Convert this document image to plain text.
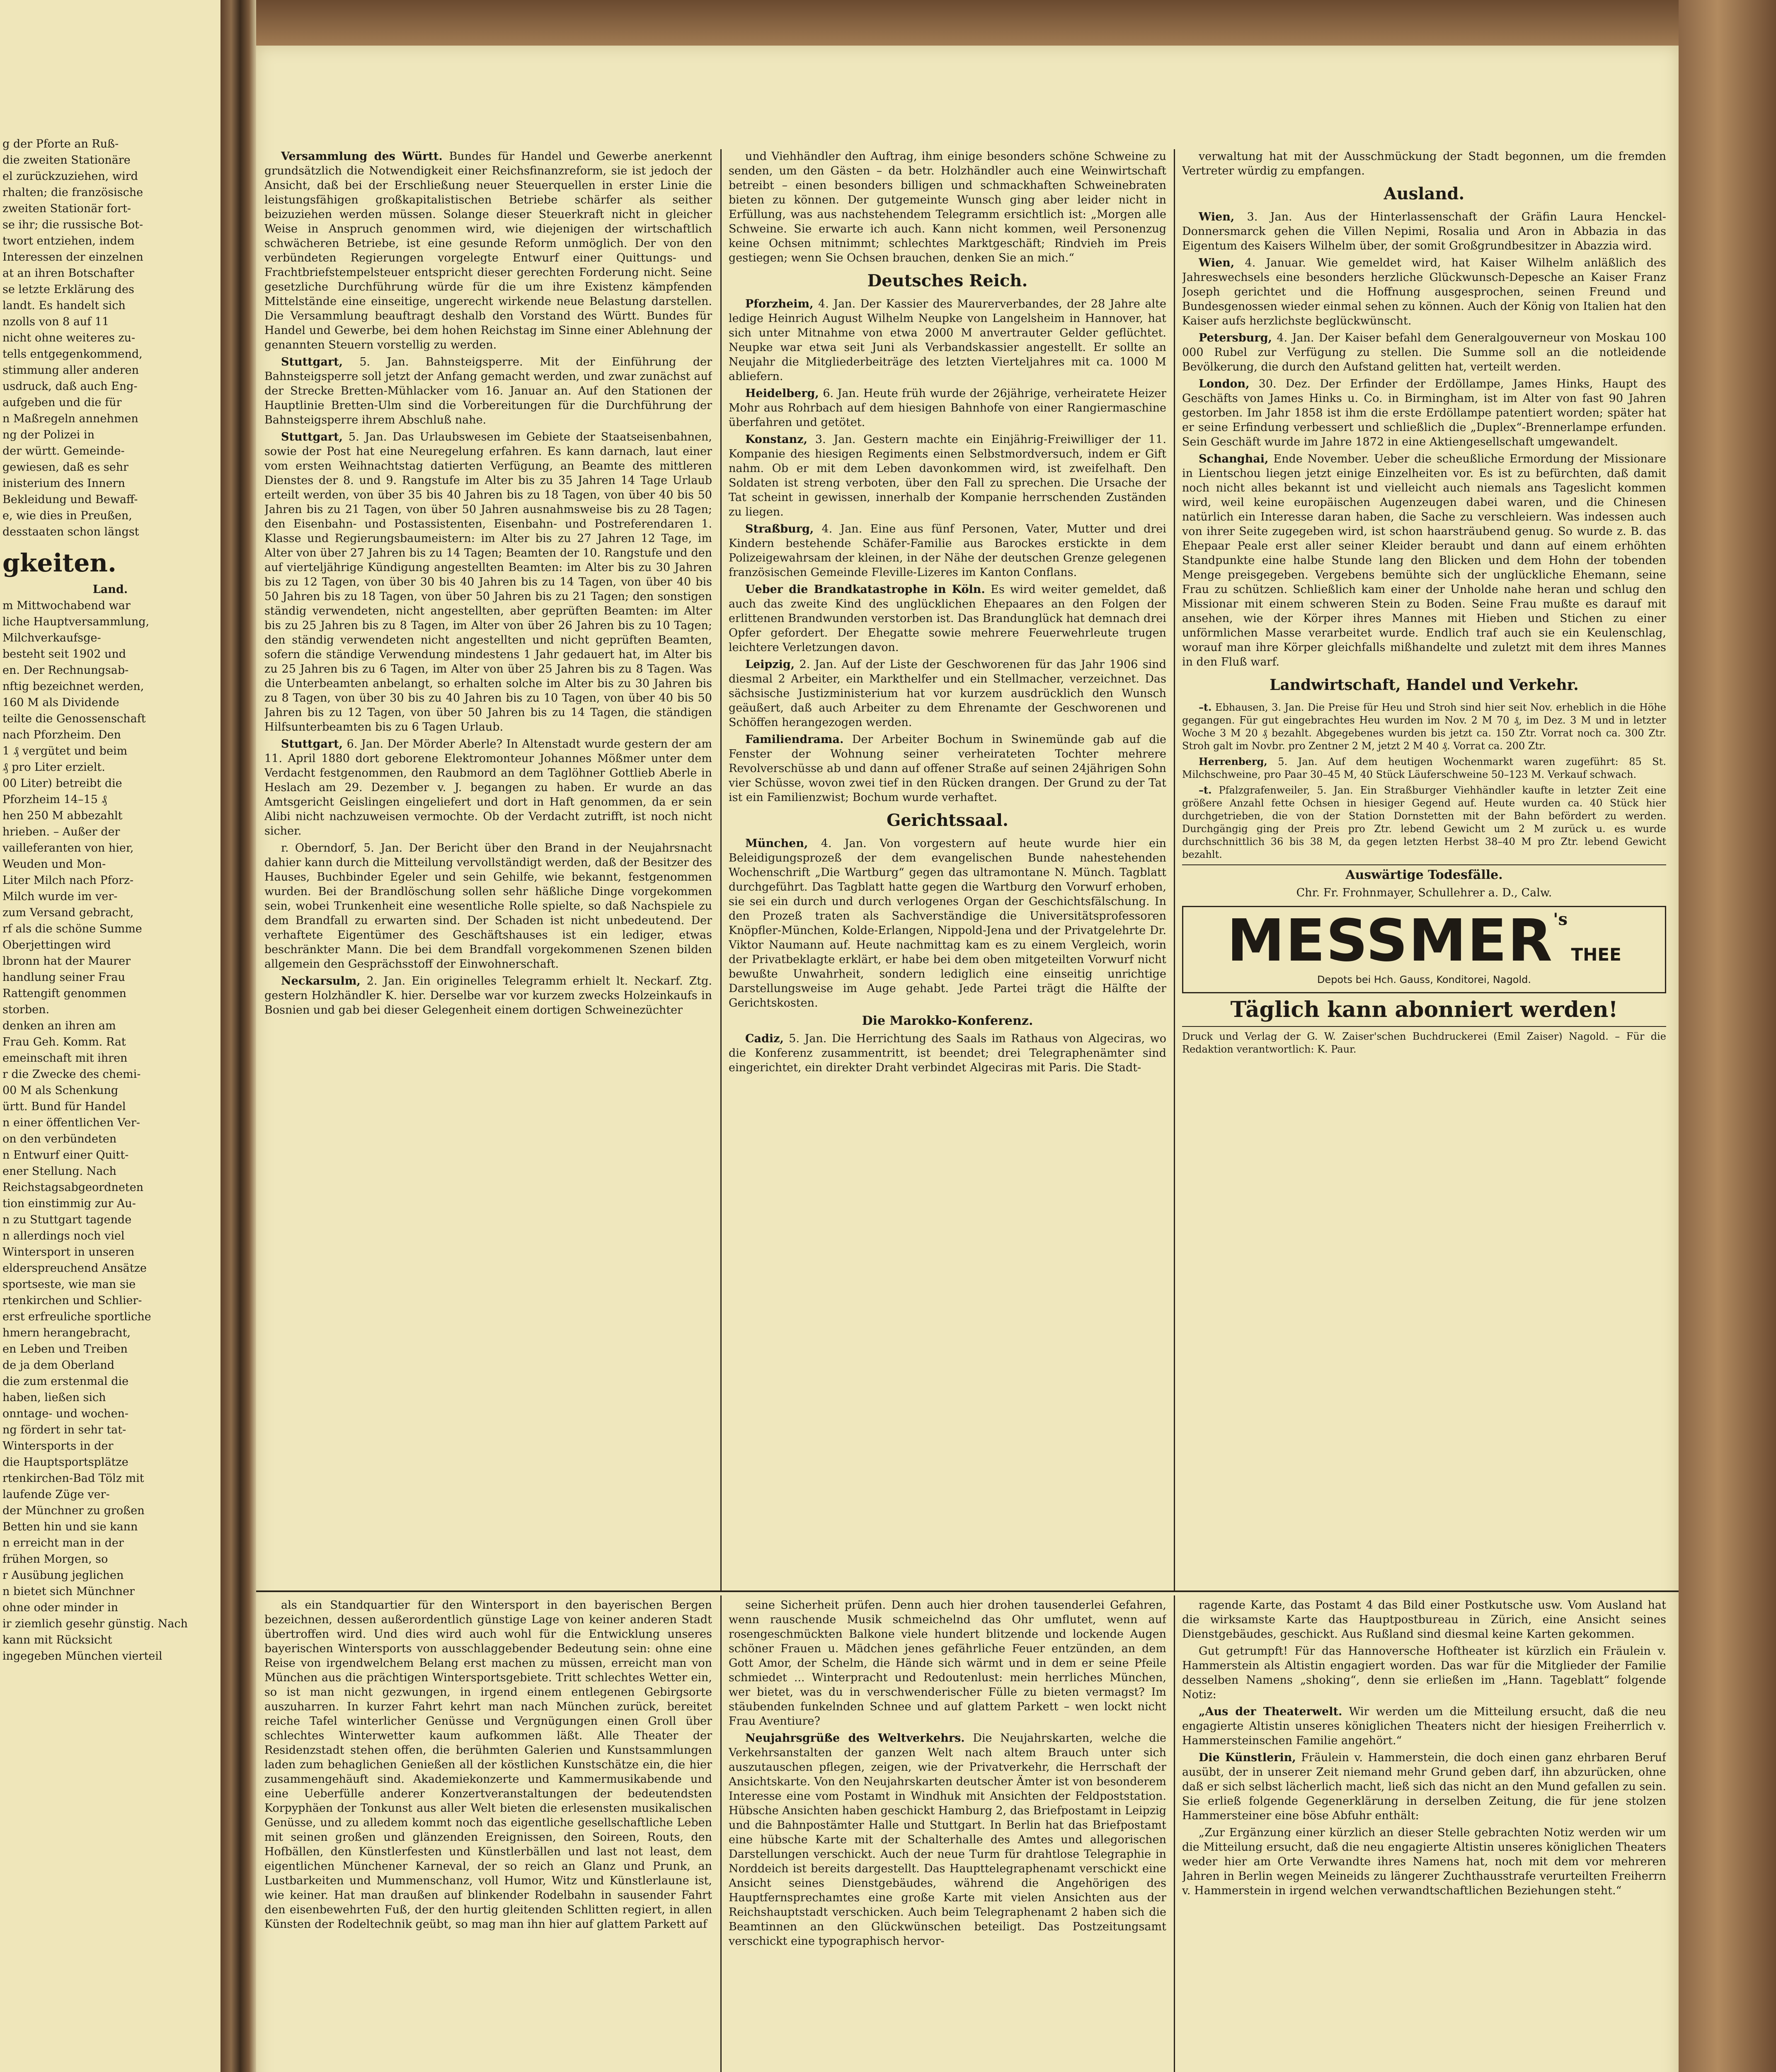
g der Pforte an Ruß-

die zweiten Stationäre

el zurückzuziehen, wird

rhalten; die französische

zweiten Stationär fort-

se ihr; die russische Bot-

twort entziehen, indem

Interessen der einzelnen

at an ihren Botschafter

se letzte Erklärung des

landt. Es handelt sich

nzolls von 8 auf 11

nicht ohne weiteres zu-

tells entgegenkommend,

stimmung aller anderen

usdruck, daß auch Eng-

aufgeben und die für

n Maßregeln annehmen

ng der Polizei in

der württ. Gemeinde-

gewiesen, daß es sehr

inisterium des Innern

Bekleidung und Bewaff-

e, wie dies in Preußen,

desstaaten schon längst

gkeiten.

Land.

m Mittwochabend war

liche Hauptversammlung,

Milchverkaufsge-

besteht seit 1902 und

en. Der Rechnungsab-

nftig bezeichnet werden,

160 M als Dividende

teilte die Genossenschaft

nach Pforzheim. Den

1 ₰ vergütet und beim

₰ pro Liter erzielt.

00 Liter) betreibt die

Pforzheim 14–15 ₰

hen 250 M abbezahlt

hrieben. – Außer der

vailleferanten von hier,

Weuden und Mon-

Liter Milch nach Pforz-

Milch wurde im ver-

zum Versand gebracht,

rf als die schöne Summe

Oberjettingen wird

lbronn hat der Maurer

handlung seiner Frau

Rattengift genommen

storben.

denken an ihren am

Frau Geh. Komm. Rat

emeinschaft mit ihren

r die Zwecke des chemi-

00 M als Schenkung

ürtt. Bund für Handel

n einer öffentlichen Ver-

on den verbündeten

n Entwurf einer Quitt-

ener Stellung. Nach

Reichstagsabgeordneten

tion einstimmig zur Au-

n zu Stuttgart tagende

n allerdings noch viel

Wintersport in unseren

elderspreuchend Ansätze

sportseste, wie man sie

rtenkirchen und Schlier-

erst erfreuliche sportliche

hmern herangebracht,

en Leben und Treiben

de ja dem Oberland

die zum erstenmal die

haben, ließen sich

onntage- und wochen-

ng fördert in sehr tat-

Wintersports in der

die Hauptsportsplätze

rtenkirchen-Bad Tölz mit

laufende Züge ver-

der Münchner zu großen

Betten hin und sie kann

n erreicht man in der

frühen Morgen, so

r Ausübung jeglichen

n bietet sich Münchner

ohne oder minder in

ir ziemlich gesehr günstig. Nach

kann mit Rücksicht

ingegeben München vierteil

Versammlung des Württ. Bundes für Handel und Gewerbe anerkennt grundsätzlich die Notwendigkeit einer Reichsfinanzreform, sie ist jedoch der Ansicht, daß bei der Erschließung neuer Steuerquellen in erster Linie die leistungsfähigen großkapitalistischen Betriebe schärfer als seither beizuziehen werden müssen. Solange dieser Steuerkraft nicht in gleicher Weise in Anspruch genommen wird, wie diejenigen der wirtschaftlich schwächeren Betriebe, ist eine gesunde Reform unmöglich. Der von den verbündeten Regierungen vorgelegte Entwurf einer Quittungs- und Frachtbriefstempelsteuer entspricht dieser gerechten Forderung nicht. Seine gesetzliche Durchführung würde für die um ihre Existenz kämpfenden Mittelstände eine einseitige, ungerecht wirkende neue Belastung darstellen. Die Versammlung beauftragt deshalb den Vorstand des Württ. Bundes für Handel und Gewerbe, bei dem hohen Reichstag im Sinne einer Ablehnung der genannten Steuern vorstellig zu werden.

Stuttgart, 5. Jan. Bahnsteigsperre. Mit der Einführung der Bahnsteigsperre soll jetzt der Anfang gemacht werden, und zwar zunächst auf der Strecke Bretten-Mühlacker vom 16. Januar an. Auf den Stationen der Hauptlinie Bretten-Ulm sind die Vorbereitungen für die Durchführung der Bahnsteigsperre ihrem Abschluß nahe.

Stuttgart, 5. Jan. Das Urlaubswesen im Gebiete der Staatseisenbahnen, sowie der Post hat eine Neuregelung erfahren. Es kann darnach, laut einer vom ersten Weihnachtstag datierten Verfügung, an Beamte des mittleren Dienstes der 8. und 9. Rangstufe im Alter bis zu 35 Jahren 14 Tage Urlaub erteilt werden, von über 35 bis 40 Jahren bis zu 18 Tagen, von über 40 bis 50 Jahren bis zu 21 Tagen, von über 50 Jahren ausnahmsweise bis zu 28 Tagen; den Eisenbahn- und Postassistenten, Eisenbahn- und Postreferendaren 1. Klasse und Regierungsbaumeistern: im Alter bis zu 27 Jahren 12 Tage, im Alter von über 27 Jahren bis zu 14 Tagen; Beamten der 10. Rangstufe und den auf vierteljährige Kündigung angestellten Beamten: im Alter bis zu 30 Jahren bis zu 12 Tagen, von über 30 bis 40 Jahren bis zu 14 Tagen, von über 40 bis 50 Jahren bis zu 18 Tagen, von über 50 Jahren bis zu 21 Tagen; den sonstigen ständig verwendeten, nicht angestellten, aber geprüften Beamten: im Alter bis zu 25 Jahren bis zu 8 Tagen, im Alter von über 26 Jahren bis zu 10 Tagen; den ständig verwendeten nicht angestellten und nicht geprüften Beamten, sofern die ständige Verwendung mindestens 1 Jahr gedauert hat, im Alter bis zu 25 Jahren bis zu 6 Tagen, im Alter von über 25 Jahren bis zu 8 Tagen. Was die Unterbeamten anbelangt, so erhalten solche im Alter bis zu 30 Jahren bis zu 8 Tagen, von über 30 bis zu 40 Jahren bis zu 10 Tagen, von über 40 bis 50 Jahren bis zu 12 Tagen, von über 50 Jahren bis zu 14 Tagen, die ständigen Hilfsunterbeamten bis zu 6 Tagen Urlaub.

Stuttgart, 6. Jan. Der Mörder Aberle? In Altenstadt wurde gestern der am 11. April 1880 dort geborene Elektromonteur Johannes Mößmer unter dem Verdacht festgenommen, den Raubmord an dem Taglöhner Gottlieb Aberle in Heslach am 29. Dezember v. J. begangen zu haben. Er wurde an das Amtsgericht Geislingen eingeliefert und dort in Haft genommen, da er sein Alibi nicht nachzuweisen vermochte. Ob der Verdacht zutrifft, ist noch nicht sicher.

r. Oberndorf, 5. Jan. Der Bericht über den Brand in der Neujahrsnacht dahier kann durch die Mitteilung vervollständigt werden, daß der Besitzer des Hauses, Buchbinder Egeler und sein Gehilfe, wie bekannt, festgenommen wurden. Bei der Brandlöschung sollen sehr häßliche Dinge vorgekommen sein, wobei Trunkenheit eine wesentliche Rolle spielte, so daß Nachspiele zu dem Brandfall zu erwarten sind. Der Schaden ist nicht unbedeutend. Der verhaftete Eigentümer des Geschäftshauses ist ein lediger, etwas beschränkter Mann. Die bei dem Brandfall vorgekommenen Szenen bilden allgemein den Gesprächsstoff der Einwohnerschaft.

Neckarsulm, 2. Jan. Ein originelles Telegramm erhielt lt. Neckarf. Ztg. gestern Holzhändler K. hier. Derselbe war vor kurzem zwecks Holzeinkaufs in Bosnien und gab bei dieser Gelegenheit einem dortigen Schweinezüchter

und Viehhändler den Auftrag, ihm einige besonders schöne Schweine zu senden, um den Gästen – da betr. Holzhändler auch eine Weinwirtschaft betreibt – einen besonders billigen und schmackhaften Schweinebraten bieten zu können. Der gutgemeinte Wunsch ging aber leider nicht in Erfüllung, was aus nachstehendem Telegramm ersichtlich ist: „Morgen alle Schweine. Sie erwarte ich auch. Kann nicht kommen, weil Personenzug keine Ochsen mitnimmt; schlechtes Marktgeschäft; Rindvieh im Preis gestiegen; wenn Sie Ochsen brauchen, denken Sie an mich.“

Deutsches Reich.

Pforzheim, 4. Jan. Der Kassier des Maurerverbandes, der 28 Jahre alte ledige Heinrich August Wilhelm Neupke von Langelsheim in Hannover, hat sich unter Mitnahme von etwa 2000 M anvertrauter Gelder geflüchtet. Neupke war etwa seit Juni als Verbandskassier angestellt. Er sollte an Neujahr die Mitgliederbeiträge des letzten Vierteljahres mit ca. 1000 M abliefern.

Heidelberg, 6. Jan. Heute früh wurde der 26jährige, verheiratete Heizer Mohr aus Rohrbach auf dem hiesigen Bahnhofe von einer Rangiermaschine überfahren und getötet.

Konstanz, 3. Jan. Gestern machte ein Einjährig-Freiwilliger der 11. Kompanie des hiesigen Regiments einen Selbstmordversuch, indem er Gift nahm. Ob er mit dem Leben davonkommen wird, ist zweifelhaft. Den Soldaten ist streng verboten, über den Fall zu sprechen. Die Ursache der Tat scheint in gewissen, innerhalb der Kompanie herrschenden Zuständen zu liegen.

Straßburg, 4. Jan. Eine aus fünf Personen, Vater, Mutter und drei Kindern bestehende Schäfer-Familie aus Barockes erstickte in dem Polizeigewahrsam der kleinen, in der Nähe der deutschen Grenze gelegenen französischen Gemeinde Fleville-Lizeres im Kanton Conflans.

Ueber die Brandkatastrophe in Köln. Es wird weiter gemeldet, daß auch das zweite Kind des unglücklichen Ehepaares an den Folgen der erlittenen Brandwunden verstorben ist. Das Brandunglück hat demnach drei Opfer gefordert. Der Ehegatte sowie mehrere Feuerwehrleute trugen leichtere Verletzungen davon.

Leipzig, 2. Jan. Auf der Liste der Geschworenen für das Jahr 1906 sind diesmal 2 Arbeiter, ein Markthelfer und ein Stellmacher, verzeichnet. Das sächsische Justizministerium hat vor kurzem ausdrücklich den Wunsch geäußert, daß auch Arbeiter zu dem Ehrenamte der Geschworenen und Schöffen herangezogen werden.

Familiendrama. Der Arbeiter Bochum in Swinemünde gab auf die Fenster der Wohnung seiner verheirateten Tochter mehrere Revolverschüsse ab und dann auf offener Straße auf seinen 24jährigen Sohn vier Schüsse, wovon zwei tief in den Rücken drangen. Der Grund zu der Tat ist ein Familienzwist; Bochum wurde verhaftet.

Gerichtssaal.

München, 4. Jan. Von vorgestern auf heute wurde hier ein Beleidigungsprozeß der dem evangelischen Bunde nahestehenden Wochenschrift „Die Wartburg“ gegen das ultramontane N. Münch. Tagblatt durchgeführt. Das Tagblatt hatte gegen die Wartburg den Vorwurf erhoben, sie sei ein durch und durch verlogenes Organ der Geschichtsfälschung. In den Prozeß traten als Sachverständige die Universitätsprofessoren Knöpfler-München, Kolde-Erlangen, Nippold-Jena und der Privatgelehrte Dr. Viktor Naumann auf. Heute nachmittag kam es zu einem Vergleich, worin der Privatbeklagte erklärt, er habe bei dem oben mitgeteilten Vorwurf nicht bewußte Unwahrheit, sondern lediglich eine einseitig unrichtige Darstellungsweise im Auge gehabt. Jede Partei trägt die Hälfte der Gerichtskosten.

Die Marokko-Konferenz.

Cadiz, 5. Jan. Die Herrichtung des Saals im Rathaus von Algeciras, wo die Konferenz zusammentritt, ist beendet; drei Telegraphenämter sind eingerichtet, ein direkter Draht verbindet Algeciras mit Paris. Die Stadt-

verwaltung hat mit der Ausschmückung der Stadt begonnen, um die fremden Vertreter würdig zu empfangen.

Ausland.

Wien, 3. Jan. Aus der Hinterlassenschaft der Gräfin Laura Henckel-Donnersmarck gehen die Villen Nepimi, Rosalia und Aron in Abbazia in das Eigentum des Kaisers Wilhelm über, der somit Großgrundbesitzer in Abazzia wird.

Wien, 4. Januar. Wie gemeldet wird, hat Kaiser Wilhelm anläßlich des Jahreswechsels eine besonders herzliche Glückwunsch-Depesche an Kaiser Franz Joseph gerichtet und die Hoffnung ausgesprochen, seinen Freund und Bundesgenossen wieder einmal sehen zu können. Auch der König von Italien hat den Kaiser aufs herzlichste beglückwünscht.

Petersburg, 4. Jan. Der Kaiser befahl dem Generalgouverneur von Moskau 100 000 Rubel zur Verfügung zu stellen. Die Summe soll an die notleidende Bevölkerung, die durch den Aufstand gelitten hat, verteilt werden.

London, 30. Dez. Der Erfinder der Erdöllampe, James Hinks, Haupt des Geschäfts von James Hinks u. Co. in Birmingham, ist im Alter von fast 90 Jahren gestorben. Im Jahr 1858 ist ihm die erste Erdöllampe patentiert worden; später hat er seine Erfindung verbessert und schließlich die „Duplex“-Brennerlampe erfunden. Sein Geschäft wurde im Jahre 1872 in eine Aktiengesellschaft umgewandelt.

Schanghai, Ende November. Ueber die scheußliche Ermordung der Missionare in Lientschou liegen jetzt einige Einzelheiten vor. Es ist zu befürchten, daß damit noch nicht alles bekannt ist und vielleicht auch niemals ans Tageslicht kommen wird, weil keine europäischen Augenzeugen dabei waren, und die Chinesen natürlich ein Interesse daran haben, die Sache zu verschleiern. Was indessen auch von ihrer Seite zugegeben wird, ist schon haarsträubend genug. So wurde z. B. das Ehepaar Peale erst aller seiner Kleider beraubt und dann auf einem erhöhten Standpunkte eine halbe Stunde lang den Blicken und dem Hohn der tobenden Menge preisgegeben. Vergebens bemühte sich der unglückliche Ehemann, seine Frau zu schützen. Schließlich kam einer der Unholde nahe heran und schlug den Missionar mit einem schweren Stein zu Boden. Seine Frau mußte es darauf mit ansehen, wie der Körper ihres Mannes mit Hieben und Stichen zu einer unförmlichen Masse verarbeitet wurde. Endlich traf auch sie ein Keulenschlag, worauf man ihre Körper gleichfalls mißhandelte und zuletzt mit dem ihres Mannes in den Fluß warf.

Landwirtschaft, Handel und Verkehr.

–t. Ebhausen, 3. Jan. Die Preise für Heu und Stroh sind hier seit Nov. erheblich in die Höhe gegangen. Für gut eingebrachtes Heu wurden im Nov. 2 M 70 ₰, im Dez. 3 M und in letzter Woche 3 M 20 ₰ bezahlt. Abgegebenes wurden bis jetzt ca. 150 Ztr. Vorrat noch ca. 300 Ztr. Stroh galt im Novbr. pro Zentner 2 M, jetzt 2 M 40 ₰. Vorrat ca. 200 Ztr.

Herrenberg, 5. Jan. Auf dem heutigen Wochenmarkt waren zugeführt: 85 St. Milchschweine, pro Paar 30–45 M, 40 Stück Läuferschweine 50–123 M. Verkauf schwach.

–t. Pfalzgrafenweiler, 5. Jan. Ein Straßburger Viehhändler kaufte in letzter Zeit eine größere Anzahl fette Ochsen in hiesiger Gegend auf. Heute wurden ca. 40 Stück hier durchgetrieben, die von der Station Dornstetten mit der Bahn befördert zu werden. Durchgängig ging der Preis pro Ztr. lebend Gewicht um 2 M zurück u. es wurde durchschnittlich 36 bis 38 M, da gegen letzten Herbst 38–40 M pro Ztr. lebend Gewicht bezahlt.

Auswärtige Todesfälle.
Chr. Fr. Frohnmayer, Schullehrer a. D., Calw.
MESSMER's THEE
Depots bei Hch. Gauss, Konditorei, Nagold.
Täglich kann abonniert werden!
Druck und Verlag der G. W. Zaiser'schen Buchdruckerei (Emil Zaiser) Nagold. – Für die Redaktion verantwortlich: K. Paur.

als ein Standquartier für den Wintersport in den bayerischen Bergen bezeichnen, dessen außerordentlich günstige Lage von keiner anderen Stadt übertroffen wird. Und dies wird auch wohl für die Entwicklung unseres bayerischen Wintersports von ausschlaggebender Bedeutung sein: ohne eine Reise von irgendwelchem Belang erst machen zu müssen, erreicht man von München aus die prächtigen Wintersportsgebiete. Tritt schlechtes Wetter ein, so ist man nicht gezwungen, in irgend einem entlegenen Gebirgsorte auszuharren. In kurzer Fahrt kehrt man nach München zurück, bereitet reiche Tafel winterlicher Genüsse und Vergnügungen einen Groll über schlechtes Winterwetter kaum aufkommen läßt. Alle Theater der Residenzstadt stehen offen, die berühmten Galerien und Kunstsammlungen laden zum behaglichen Genießen all der köstlichen Kunstschätze ein, die hier zusammengehäuft sind. Akademiekonzerte und Kammermusikabende und eine Ueberfülle anderer Konzertveranstaltungen der bedeutendsten Korpyphäen der Tonkunst aus aller Welt bieten die erlesensten musikalischen Genüsse, und zu alledem kommt noch das eigentliche gesellschaftliche Leben mit seinen großen und glänzenden Ereignissen, den Soireen, Routs, den Hofbällen, den Künstlerfesten und Künstlerbällen und last not least, dem eigentlichen Münchener Karneval, der so reich an Glanz und Prunk, an Lustbarkeiten und Mummenschanz, voll Humor, Witz und Künstlerlaune ist, wie keiner. Hat man draußen auf blinkender Rodelbahn in sausender Fahrt den eisenbewehrten Fuß, der den hurtig gleitenden Schlitten regiert, in allen Künsten der Rodeltechnik geübt, so mag man ihn hier auf glattem Parkett auf

seine Sicherheit prüfen. Denn auch hier drohen tausenderlei Gefahren, wenn rauschende Musik schmeichelnd das Ohr umflutet, wenn auf rosengeschmückten Balkone viele hundert blitzende und lockende Augen schöner Frauen u. Mädchen jenes gefährliche Feuer entzünden, an dem Gott Amor, der Schelm, die Hände sich wärmt und in dem er seine Pfeile schmiedet ... Winterpracht und Redoutenlust: mein herrliches München, wer bietet, was du in verschwenderischer Fülle zu bieten vermagst? Im stäubenden funkelnden Schnee und auf glattem Parkett – wen lockt nicht Frau Aventiure?

Neujahrsgrüße des Weltverkehrs. Die Neujahrskarten, welche die Verkehrsanstalten der ganzen Welt nach altem Brauch unter sich auszutauschen pflegen, zeigen, wie der Privatverkehr, die Herrschaft der Ansichtskarte. Von den Neujahrskarten deutscher Ämter ist von besonderem Interesse eine vom Postamt in Windhuk mit Ansichten der Feldpoststation. Hübsche Ansichten haben geschickt Hamburg 2, das Briefpostamt in Leipzig und die Bahnpostämter Halle und Stuttgart. In Berlin hat das Briefpostamt eine hübsche Karte mit der Schalterhalle des Amtes und allegorischen Darstellungen verschickt. Auch der neue Turm für drahtlose Telegraphie in Norddeich ist bereits dargestellt. Das Haupttelegraphenamt verschickt eine Ansicht seines Dienstgebäudes, während die Angehörigen des Hauptfernsprechamtes eine große Karte mit vielen Ansichten aus der Reichshauptstadt verschicken. Auch beim Telegraphenamt 2 haben sich die Beamtinnen an den Glückwünschen beteiligt. Das Postzeitungsamt verschickt eine typographisch hervor-

ragende Karte, das Postamt 4 das Bild einer Postkutsche usw. Vom Ausland hat die wirksamste Karte das Hauptpostbureau in Zürich, eine Ansicht seines Dienstgebäudes, geschickt. Aus Rußland sind diesmal keine Karten gekommen.

Gut getrumpft! Für das Hannoversche Hoftheater ist kürzlich ein Fräulein v. Hammerstein als Altistin engagiert worden. Das war für die Mitglieder der Familie desselben Namens „shoking“, denn sie erließen im „Hann. Tageblatt“ folgende Notiz:

„Aus der Theaterwelt. Wir werden um die Mitteilung ersucht, daß die neu engagierte Altistin unseres königlichen Theaters nicht der hiesigen Freiherrlich v. Hammersteinschen Familie angehört.“

Die Künstlerin, Fräulein v. Hammerstein, die doch einen ganz ehrbaren Beruf ausübt, der in unserer Zeit niemand mehr Grund geben darf, ihn abzurücken, ohne daß er sich selbst lächerlich macht, ließ sich das nicht an den Mund gefallen zu sein. Sie erließ folgende Gegenerklärung in derselben Zeitung, die für jene stolzen Hammersteiner eine böse Abfuhr enthält:

„Zur Ergänzung einer kürzlich an dieser Stelle gebrachten Notiz werden wir um die Mitteilung ersucht, daß die neu engagierte Altistin unseres königlichen Theaters weder hier am Orte Verwandte ihres Namens hat, noch mit dem vor mehreren Jahren in Berlin wegen Meineids zu längerer Zuchthausstrafe verurteilten Freiherrn v. Hammerstein in irgend welchen verwandtschaftlichen Beziehungen steht.“
